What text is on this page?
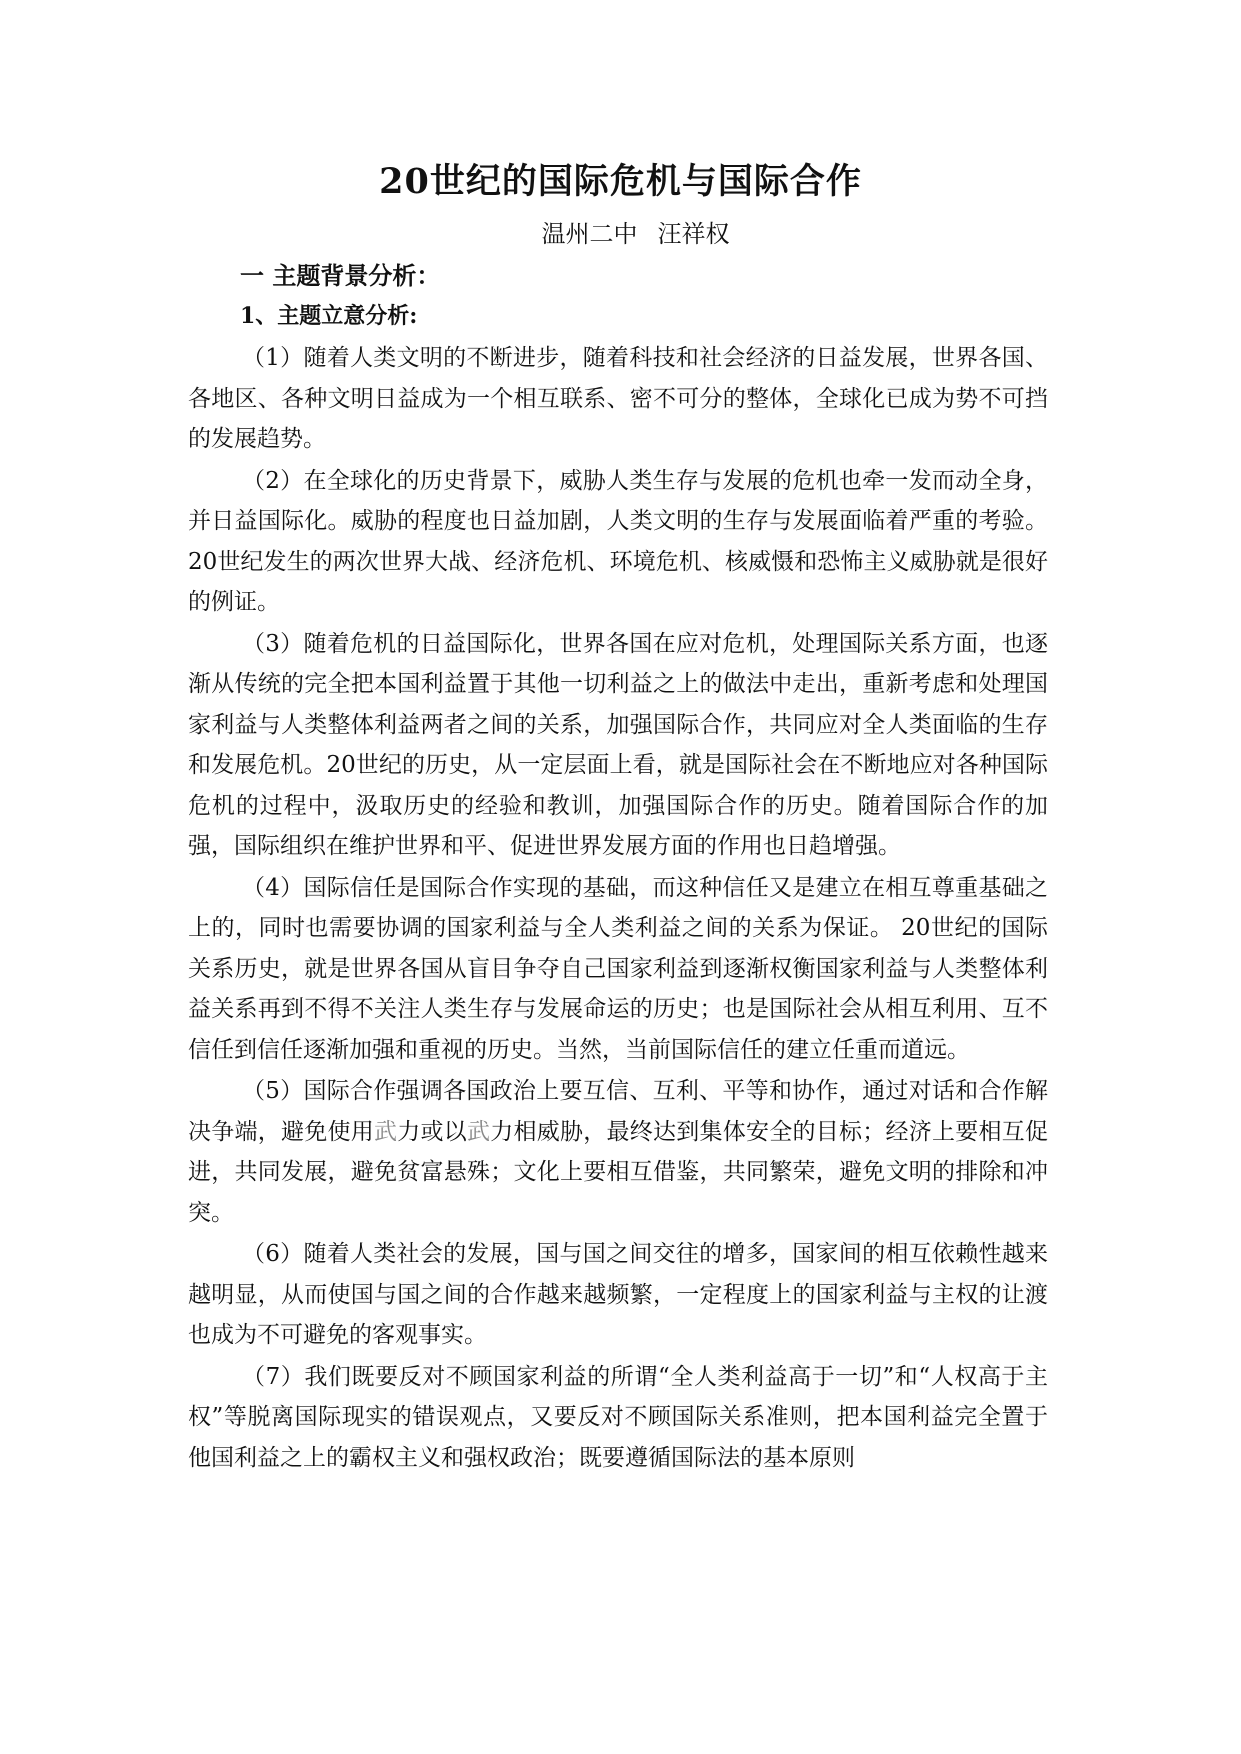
20世纪的国际危机与国际合作
温州二中 汪祥权
一 主题背景分析：
1、主题立意分析:

（1）随着人类文明的不断进步，随着科技和社会经济的日益发展，世界各国、各地区、各种文明日益成为一个相互联系、密不可分的整体，全球化已成为势不可挡的发展趋势。

（2）在全球化的历史背景下，威胁人类生存与发展的危机也牵一发而动全身，并日益国际化。威胁的程度也日益加剧，人类文明的生存与发展面临着严重的考验。20世纪发生的两次世界大战、经济危机、环境危机、核威慑和恐怖主义威胁就是很好的例证。

（3）随着危机的日益国际化，世界各国在应对危机，处理国际关系方面，也逐渐从传统的完全把本国利益置于其他一切利益之上的做法中走出，重新考虑和处理国家利益与人类整体利益两者之间的关系，加强国际合作，共同应对全人类面临的生存和发展危机。20世纪的历史，从一定层面上看，就是国际社会在不断地应对各种国际危机的过程中，汲取历史的经验和教训，加强国际合作的历史。随着国际合作的加强，国际组织在维护世界和平、促进世界发展方面的作用也日趋增强。

（4）国际信任是国际合作实现的基础，而这种信任又是建立在相互尊重基础之上的，同时也需要协调的国家利益与全人类利益之间的关系为保证。 20世纪的国际关系历史，就是世界各国从盲目争夺自己国家利益到逐渐权衡国家利益与人类整体利益关系再到不得不关注人类生存与发展命运的历史；也是国际社会从相互利用、互不信任到信任逐渐加强和重视的历史。当然，当前国际信任的建立任重而道远。

（5）国际合作强调各国政治上要互信、互利、平等和协作，通过对话和合作解决争端，避免使用武力或以武力相威胁，最终达到集体安全的目标；经济上要相互促进，共同发展，避免贫富悬殊；文化上要相互借鉴，共同繁荣，避免文明的排除和冲突。

（6）随着人类社会的发展，国与国之间交往的增多，国家间的相互依赖性越来越明显，从而使国与国之间的合作越来越频繁，一定程度上的国家利益与主权的让渡也成为不可避免的客观事实。

（7）我们既要反对不顾国家利益的所谓“全人类利益高于一切”和“人权高于主权”等脱离国际现实的错误观点，又要反对不顾国际关系准则，把本国利益完全置于他国利益之上的霸权主义和强权政治；既要遵循国际法的基本原则
